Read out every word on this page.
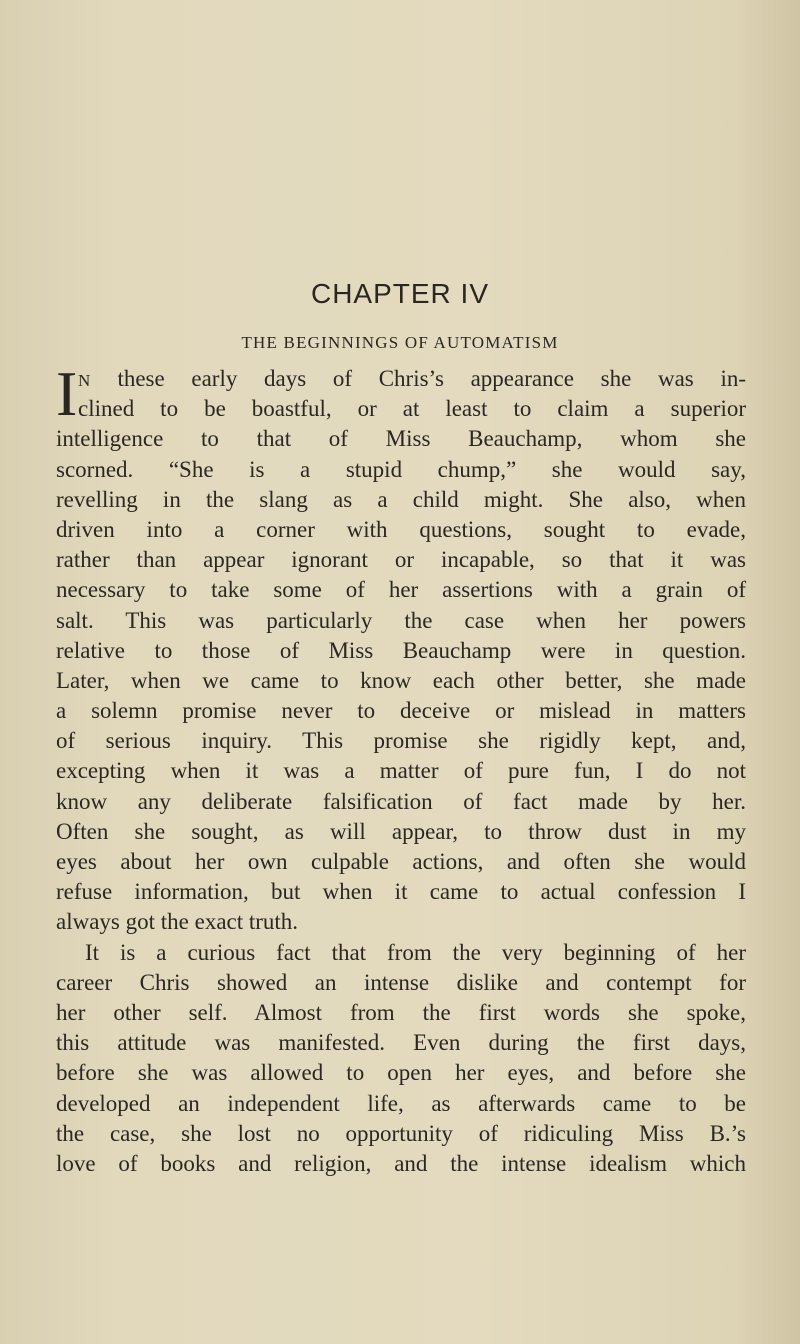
CHAPTER IV
THE BEGINNINGS OF AUTOMATISM
I N these early days of Chris’s appearance she was in-
clined to be boastful, or at least to claim a superior
intelligence to that of Miss Beauchamp, whom she
scorned. “She is a stupid chump,” she would say,
revelling in the slang as a child might. She also, when
driven into a corner with questions, sought to evade,
rather than appear ignorant or incapable, so that it was
necessary to take some of her assertions with a grain of
salt. This was particularly the case when her powers
relative to those of Miss Beauchamp were in question.
Later, when we came to know each other better, she made
a solemn promise never to deceive or mislead in matters
of serious inquiry. This promise she rigidly kept, and,
excepting when it was a matter of pure fun, I do not
know any deliberate falsification of fact made by her.
Often she sought, as will appear, to throw dust in my
eyes about her own culpable actions, and often she would
refuse information, but when it came to actual confession I
always got the exact truth.
It is a curious fact that from the very beginning of her
career Chris showed an intense dislike and contempt for
her other self. Almost from the first words she spoke,
this attitude was manifested. Even during the first days,
before she was allowed to open her eyes, and before she
developed an independent life, as afterwards came to be
the case, she lost no opportunity of ridiculing Miss B.’s
love of books and religion, and the intense idealism which
